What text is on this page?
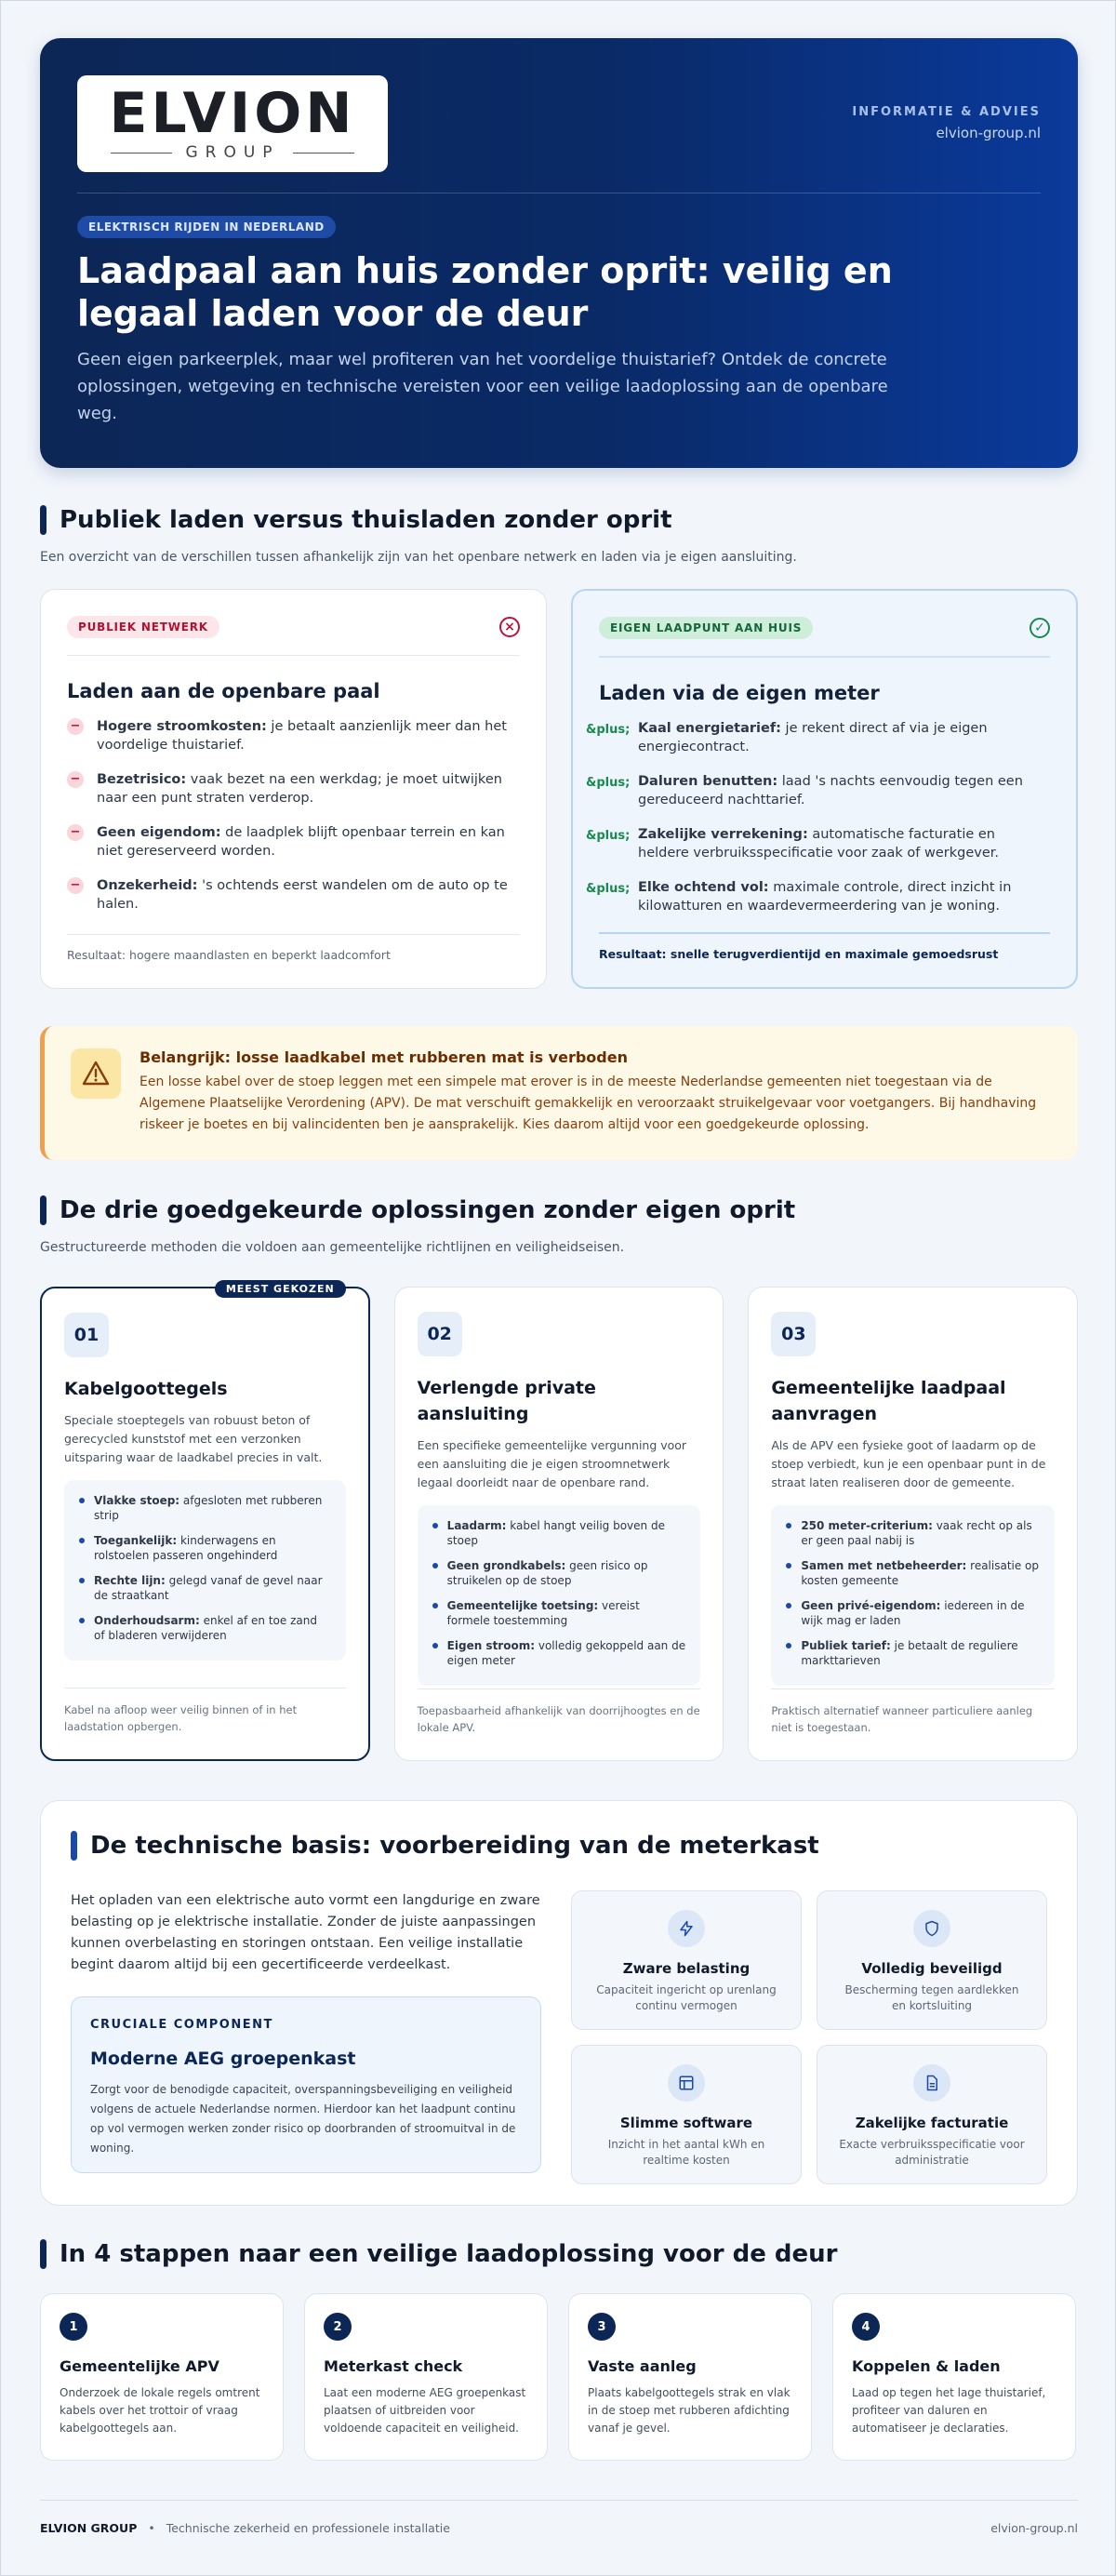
ELVION
GROUP
INFORMATIE & ADVIES
elvion-group.nl
ELEKTRISCH RIJDEN IN NEDERLAND
Laadpaal aan huis zonder oprit: veilig en legaal laden voor de deur

Geen eigen parkeerplek, maar wel profiteren van het voordelige thuistarief? Ontdek de concrete oplossingen, wetgeving en technische vereisten voor een veilige laadoplossing aan de openbare weg.

Publiek laden versus thuisladen zonder oprit

Een overzicht van de verschillen tussen afhankelijk zijn van het openbare netwerk en laden via je eigen aansluiting.

PUBLIEK NETWERK	×
Laden aan de openbare paal
− Hogere stroomkosten: je betaalt aanzienlijk meer dan het voordelige thuistarief.
− Bezetrisico: vaak bezet na een werkdag; je moet uitwijken naar een punt straten verderop.
− Geen eigendom: de laadplek blijft openbaar terrein en kan niet gereserveerd worden.
− Onzekerheid: 's ochtends eerst wandelen om de auto op te halen.
Resultaat: hogere maandlasten en beperkt laadcomfort
EIGEN LAADPUNT AAN HUIS	✓
Laden via de eigen meter
&plus; Kaal energietarief: je rekent direct af via je eigen energiecontract.
&plus; Daluren benutten: laad 's nachts eenvoudig tegen een gereduceerd nachttarief.
&plus; Zakelijke verrekening: automatische facturatie en heldere verbruiksspecificatie voor zaak of werkgever.
&plus; Elke ochtend vol: maximale controle, direct inzicht in kilowatturen en waardevermeerdering van je woning.
Resultaat: snelle terugverdientijd en maximale gemoedsrust
Belangrijk: losse laadkabel met rubberen mat is verboden

Een losse kabel over de stoep leggen met een simpele mat erover is in de meeste Nederlandse gemeenten niet toegestaan via de Algemene Plaatselijke Verordening (APV). De mat verschuift gemakkelijk en veroorzaakt struikelgevaar voor voetgangers. Bij handhaving riskeer je boetes en bij valincidenten ben je aansprakelijk. Kies daarom altijd voor een goedgekeurde oplossing.

De drie goedgekeurde oplossingen zonder eigen oprit

Gestructureerde methoden die voldoen aan gemeentelijke richtlijnen en veiligheidseisen.

MEEST GEKOZEN
01
Kabelgoottegels

Speciale stoeptegels van robuust beton of gerecycled kunststof met een verzonken uitsparing waar de laadkabel precies in valt.

Vlakke stoep: afgesloten met rubberen strip
Toegankelijk: kinderwagens en rolstoelen passeren ongehinderd
Rechte lijn: gelegd vanaf de gevel naar de straatkant
Onderhoudsarm: enkel af en toe zand of bladeren verwijderen
Kabel na afloop weer veilig binnen of in het laadstation opbergen.
02
Verlengde private aansluiting

Een specifieke gemeentelijke vergunning voor een aansluiting die je eigen stroomnetwerk legaal doorleidt naar de openbare rand.

Laadarm: kabel hangt veilig boven de stoep
Geen grondkabels: geen risico op struikelen op de stoep
Gemeentelijke toetsing: vereist formele toestemming
Eigen stroom: volledig gekoppeld aan de eigen meter
Toepasbaarheid afhankelijk van doorrijhoogtes en de lokale APV.
03
Gemeentelijke laadpaal aanvragen

Als de APV een fysieke goot of laadarm op de stoep verbiedt, kun je een openbaar punt in de straat laten realiseren door de gemeente.

250 meter-criterium: vaak recht op als er geen paal nabij is
Samen met netbeheerder: realisatie op kosten gemeente
Geen privé-eigendom: iedereen in de wijk mag er laden
Publiek tarief: je betaalt de reguliere markttarieven
Praktisch alternatief wanneer particuliere aanleg niet is toegestaan.
De technische basis: voorbereiding van de meterkast

Het opladen van een elektrische auto vormt een langdurige en zware belasting op je elektrische installatie. Zonder de juiste aanpassingen kunnen overbelasting en storingen ontstaan. Een veilige installatie begint daarom altijd bij een gecertificeerde verdeelkast.

CRUCIALE COMPONENT
Moderne AEG groepenkast

Zorgt voor de benodigde capaciteit, overspanningsbeveiliging en veiligheid volgens de actuele Nederlandse normen. Hierdoor kan het laadpunt continu op vol vermogen werken zonder risico op doorbranden of stroomuitval in de woning.

Zware belasting
Capaciteit ingericht op urenlang continu vermogen
Volledig beveiligd
Bescherming tegen aardlekken en kortsluiting
Slimme software
Inzicht in het aantal kWh en realtime kosten
Zakelijke facturatie
Exacte verbruiksspecificatie voor administratie
In 4 stappen naar een veilige laadoplossing voor de deur
1
Gemeentelijke APV

Onderzoek de lokale regels omtrent kabels over het trottoir of vraag kabelgoottegels aan.

2
Meterkast check

Laat een moderne AEG groepenkast plaatsen of uitbreiden voor voldoende capaciteit en veiligheid.

3
Vaste aanleg

Plaats kabelgoottegels strak en vlak in de stoep met rubberen afdichting vanaf je gevel.

4
Koppelen & laden

Laad op tegen het lage thuistarief, profiteer van daluren en automatiseer je declaraties.

ELVION GROUP • Technische zekerheid en professionele installatie	elvion-group.nl
